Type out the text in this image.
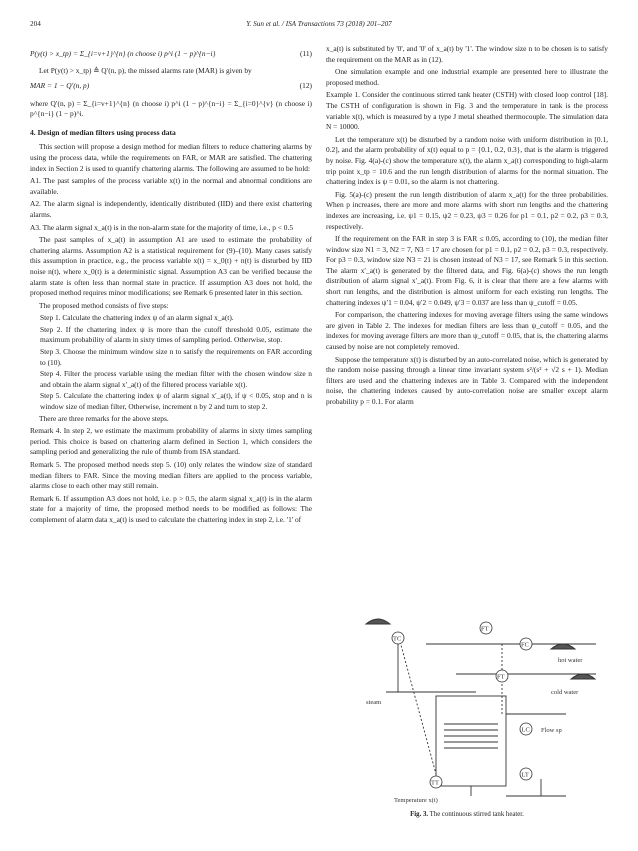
204	Y. Sun et al. / ISA Transactions 73 (2018) 201–207
P(y(t) > x_tp) = Σ_{i=v+1}^{n} (n choose i) p^i (1 − p)^{n−i}	(11)

Let P(y(t) > x_tp) ≜ Q′(n, p), the missed alarms rate (MAR) is given by

MAR = 1 − Q′(n, p)	(12)

where Q′(n, p) = Σ_{i=v+1}^{n} (n choose i) p^i (1 − p)^{n−i} = Σ_{i=0}^{v} (n choose i) p^{n−i} (1 − p)^i.

4. Design of median filters using process data

This section will propose a design method for median filters to reduce chattering alarms by using the process data, while the requirements on FAR, or MAR are satisfied. The chattering index in Section 2 is used to quantify chattering alarms. The following are assumed to be hold:

A1. The past samples of the process variable x(t) in the normal and abnormal conditions are available.

A2. The alarm signal is independently, identically distributed (IID) and there exist chattering alarms.

A3. The alarm signal x_a(t) is in the non-alarm state for the majority of time, i.e., p < 0.5

The past samples of x_a(t) in assumption A1 are used to estimate the probability of chattering alarms. Assumption A2 is a statistical requirement for (9)–(10). Many cases satisfy this assumption in practice, e.g., the process variable x(t) = x_0(t) + n(t) is disturbed by IID noise n(t), where x_0(t) is a deterministic signal. Assumption A3 can be verified because the alarm state is often less than normal state in practice. If assumption A3 does not hold, the proposed method requires minor modifications; see Remark 6 presented later in this section.

The proposed method consists of five steps:

Step 1. Calculate the chattering index ψ of an alarm signal x_a(t).

Step 2. If the chattering index ψ is more than the cutoff threshold 0.05, estimate the maximum probability of alarm in sixty times of sampling period. Otherwise, stop.

Step 3. Choose the minimum window size n to satisfy the requirements on FAR according to (10).

Step 4. Filter the process variable using the median filter with the chosen window size n and obtain the alarm signal x′_a(t) of the filtered process variable x(t).

Step 5. Calculate the chattering index ψ of alarm signal x′_a(t), if ψ < 0.05, stop and n is window size of median filter, Otherwise, increment n by 2 and turn to step 2.

There are three remarks for the above steps.

Remark 4. In step 2, we estimate the maximum probability of alarms in sixty times sampling period. This choice is based on chattering alarm defined in Section 1, which considers the sampling period and generalizing the rule of thumb from ISA standard.

Remark 5. The proposed method needs step 5. (10) only relates the window size of standard median filters to FAR. Since the moving median filters are applied to the process variable, alarms close to each other may still remain.

Remark 6. If assumption A3 does not hold, i.e. p > 0.5, the alarm signal x_a(t) is in the alarm state for a majority of time, the proposed method needs to be modified as follows: The complement of alarm data x_a(t) is used to calculate the chattering index in step 2, i.e. '1' of

x_a(t) is substituted by '0', and '0' of x_a(t) by '1'. The window size n to be chosen is to satisfy the requirement on the MAR as in (12).

One simulation example and one industrial example are presented here to illustrate the proposed method.

Example 1. Consider the continuous stirred tank heater (CSTH) with closed loop control [18]. The CSTH of configuration is shown in Fig. 3 and the temperature in tank is the process variable x(t), which is measured by a type J metal sheathed thermocouple. The simulation data N = 10000.

Let the temperature x(t) be disturbed by a random noise with uniform distribution in [0.1, 0.2], and the alarm probability of x(t) equal to p = {0.1, 0.2, 0.3}, that is the alarm is triggered by noise. Fig. 4(a)-(c) show the temperature x(t), the alarm x_a(t) corresponding to high-alarm trip point x_tp = 10.6 and the run length distribution of alarms for the normal situation. The chattering index is ψ = 0.01, so the alarm is not chattering.

Fig. 5(a)-(c) present the run length distribution of alarm x_a(t) for the three probabilities. When p increases, there are more and more alarms with short run lengths and the chattering indexes are increasing, i.e. ψ1 = 0.15, ψ2 = 0.23, ψ3 = 0.26 for p1 = 0.1, p2 = 0.2, p3 = 0.3, respectively.

If the requirement on the FAR in step 3 is FAR ≤ 0.05, according to (10), the median filter window size N1 = 3, N2 = 7, N3 = 17 are chosen for p1 = 0.1, p2 = 0.2, p3 = 0.3, respectively. For p3 = 0.3, window size N3 = 21 is chosen instead of N3 = 17, see Remark 5 in this section. The alarm x′_a(t) is generated by the filtered data, and Fig. 6(a)-(c) shows the run length distribution of alarm signal x′_a(t). From Fig. 6, it is clear that there are a few alarms with short run lengths, and the distribution is almost uniform for each existing run lengths. The chattering indexes ψ′1 = 0.04, ψ′2 = 0.049, ψ′3 = 0.037 are less than ψ_cutoff = 0.05.

For comparison, the chattering indexes for moving average filters using the same windows are given in Table 2. The indexes for median filters are less than ψ_cutoff = 0.05, and the indexes for moving average filters are more than ψ_cutoff = 0.05, that is, the chattering alarms caused by noise are not completely removed.

Suppose the temperature x(t) is disturbed by an auto-correlated noise, which is generated by the random noise passing through a linear time invariant system s²/(s² + √2 s + 1). Median filters are used and the chattering indexes are in Table 3. Compared with the independent noise, the chattering indexes caused by auto-correlation noise are smaller except alarm probability p = 0.1. For alarm

TC
FT
FC
FT
LC
LT
TT
steam
hot water
cold water
Flow sp
Temperature x(t)
Fig. 3. The continuous stirred tank heater.
